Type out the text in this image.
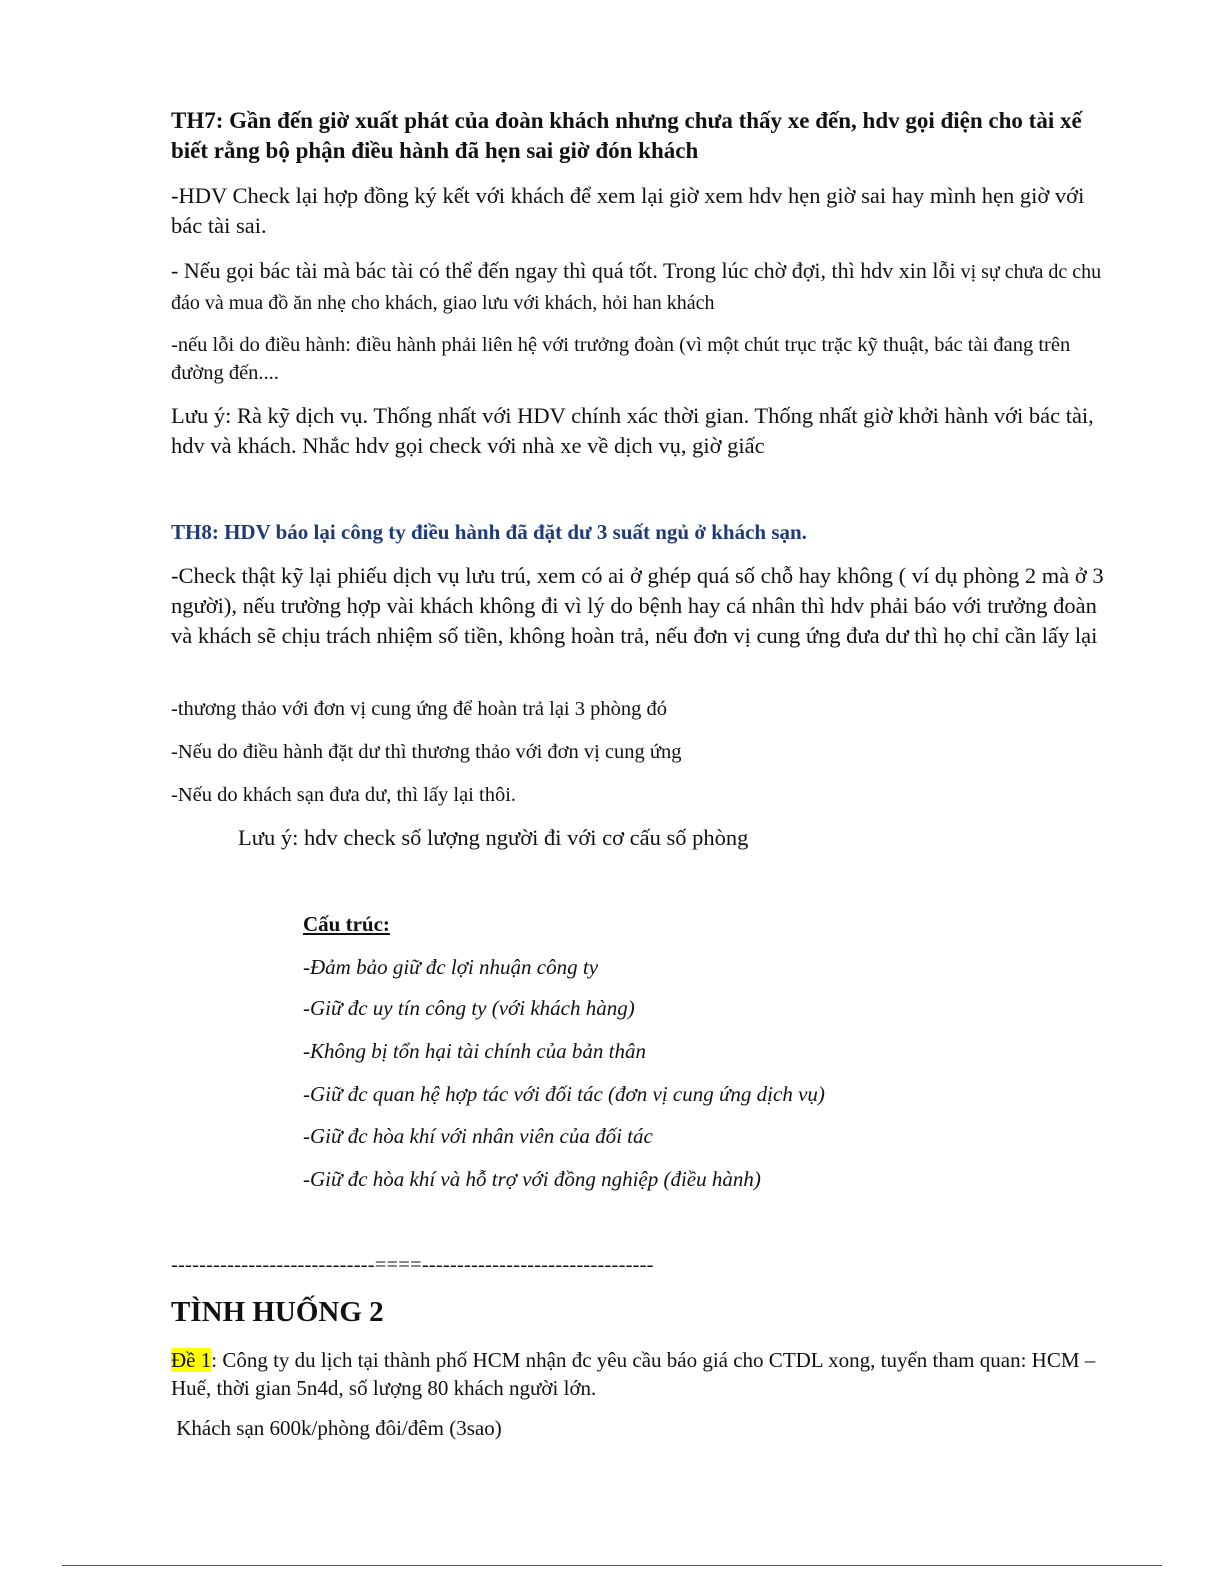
TH7: Gần đến giờ xuất phát của đoàn khách nhưng chưa thấy xe đến, hdv gọi điện cho tài xế biết rằng bộ phận điều hành đã hẹn sai giờ đón khách

-HDV Check lại hợp đồng ký kết với khách để xem lại giờ xem hdv hẹn giờ sai hay mình hẹn giờ với bác tài sai.

- Nếu gọi bác tài mà bác tài có thể đến ngay thì quá tốt. Trong lúc chờ đợi, thì hdv xin lỗi vị sự chưa dc chu đáo và mua đồ ăn nhẹ cho khách, giao lưu với khách, hỏi han khách

-nếu lỗi do điều hành: điều hành phải liên hệ với trưởng đoàn (vì một chút trục trặc kỹ thuật, bác tài đang trên đường đến....

Lưu ý: Rà kỹ dịch vụ. Thống nhất với HDV chính xác thời gian. Thống nhất giờ khởi hành với bác tài, hdv và khách. Nhắc hdv gọi check với nhà xe về dịch vụ, giờ giấc

TH8: HDV báo lại công ty điều hành đã đặt dư 3 suất ngủ ở khách sạn.

-Check thật kỹ lại phiếu dịch vụ lưu trú, xem có ai ở ghép quá số chỗ hay không ( ví dụ phòng 2 mà ở 3 người), nếu trường hợp vài khách không đi vì lý do bệnh hay cá nhân thì hdv phải báo với trưởng đoàn và khách sẽ chịu trách nhiệm số tiền, không hoàn trả, nếu đơn vị cung ứng đưa dư thì họ chỉ cần lấy lại

-thương thảo với đơn vị cung ứng để hoàn trả lại 3 phòng đó

-Nếu do điều hành đặt dư thì thương thảo với đơn vị cung ứng

-Nếu do khách sạn đưa dư, thì lấy lại thôi.

Lưu ý: hdv check số lượng người đi với cơ cấu số phòng

Cấu trúc:

-Đảm bảo giữ đc lợi nhuận công ty

-Giữ đc uy tín công ty (với khách hàng)

-Không bị tổn hại tài chính của bản thân

-Giữ đc quan hệ hợp tác với đối tác (đơn vị cung ứng dịch vụ)

-Giữ đc hòa khí với nhân viên của đối tác

-Giữ đc hòa khí và hỗ trợ với đồng nghiệp (điều hành)

-----------------------------====---------------------------------

TÌNH HUỐNG 2

Đề 1: Công ty du lịch tại thành phố HCM nhận đc yêu cầu báo giá cho CTDL xong, tuyến tham quan: HCM – Huế, thời gian 5n4d, số lượng 80 khách người lớn.

Khách sạn 600k/phòng đôi/đêm (3sao)
